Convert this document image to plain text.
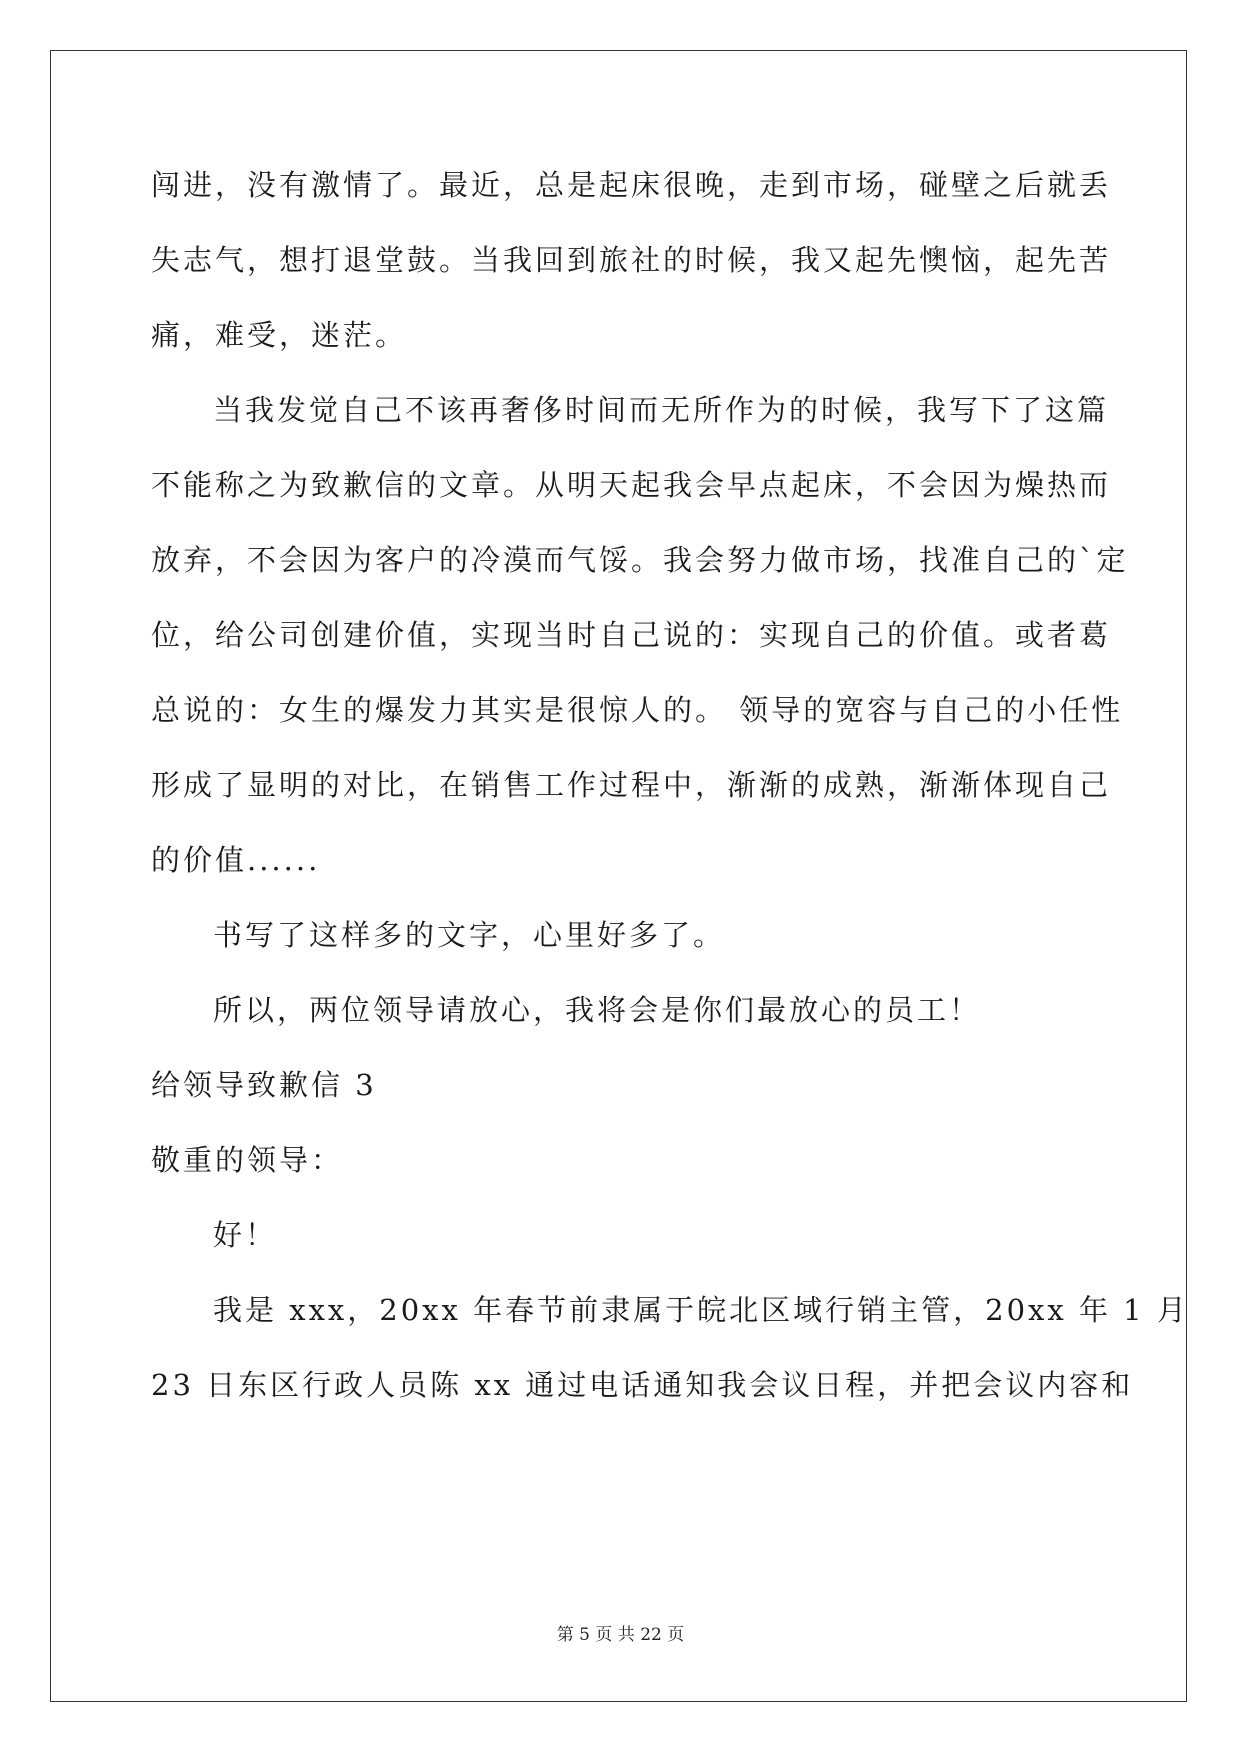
闯进，没有激情了。最近，总是起床很晚，走到市场，碰壁之后就丢
失志气，想打退堂鼓。当我回到旅社的时候，我又起先懊恼，起先苦
痛，难受，迷茫。
当我发觉自己不该再奢侈时间而无所作为的时候，我写下了这篇
不能称之为致歉信的文章。从明天起我会早点起床，不会因为燥热而
放弃，不会因为客户的冷漠而气馁。我会努力做市场，找准自己的`定
位，给公司创建价值，实现当时自己说的：实现自己的价值。或者葛
总说的：女生的爆发力其实是很惊人的。 领导的宽容与自己的小任性
形成了显明的对比，在销售工作过程中，渐渐的成熟，渐渐体现自己
的价值......
书写了这样多的文字，心里好多了。
所以，两位领导请放心，我将会是你们最放心的员工！
给领导致歉信 3
敬重的领导：
好！
我是 xxx，20xx 年春节前隶属于皖北区域行销主管，20xx 年 1 月
23 日东区行政人员陈 xx 通过电话通知我会议日程，并把会议内容和
第 5 页 共 22 页
